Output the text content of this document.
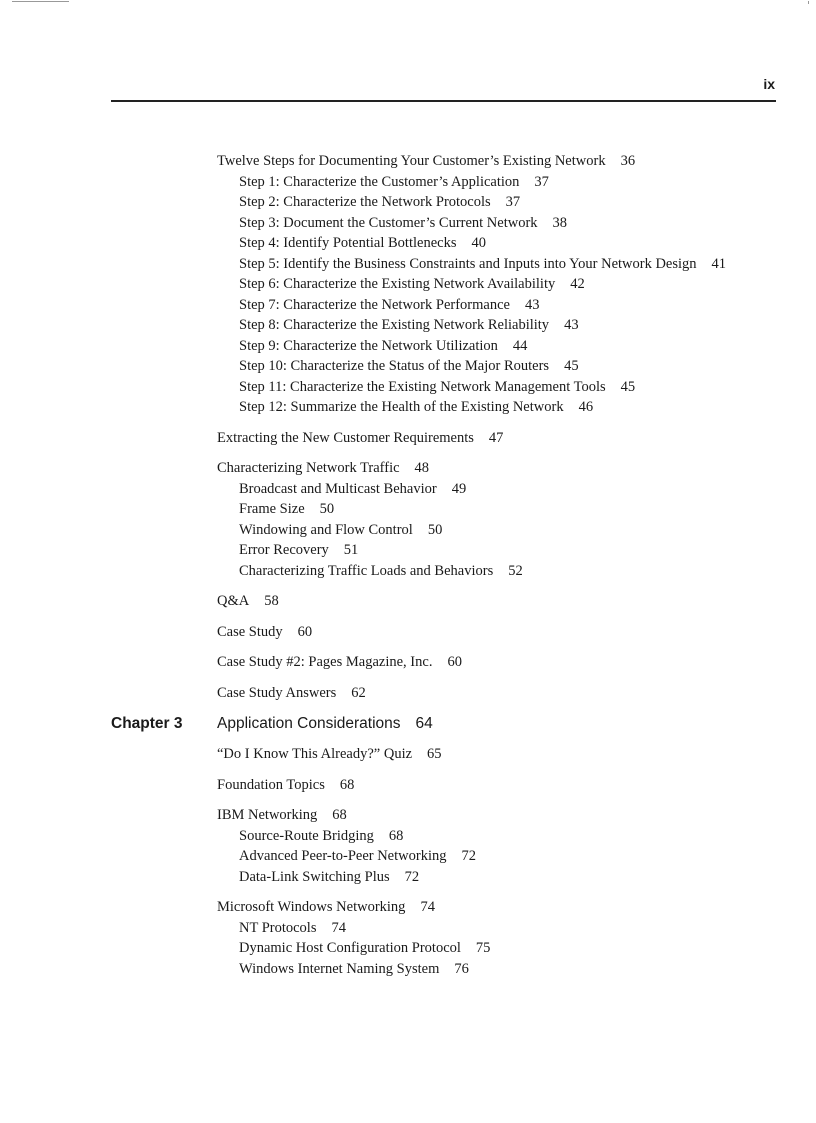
ix
Twelve Steps for Documenting Your Customer’s Existing Network 36
Step 1: Characterize the Customer’s Application 37
Step 2: Characterize the Network Protocols 37
Step 3: Document the Customer’s Current Network 38
Step 4: Identify Potential Bottlenecks 40
Step 5: Identify the Business Constraints and Inputs into Your Network Design 41
Step 6: Characterize the Existing Network Availability 42
Step 7: Characterize the Network Performance 43
Step 8: Characterize the Existing Network Reliability 43
Step 9: Characterize the Network Utilization 44
Step 10: Characterize the Status of the Major Routers 45
Step 11: Characterize the Existing Network Management Tools 45
Step 12: Summarize the Health of the Existing Network 46
Extracting the New Customer Requirements 47
Characterizing Network Traffic 48
Broadcast and Multicast Behavior 49
Frame Size 50
Windowing and Flow Control 50
Error Recovery 51
Characterizing Traffic Loads and Behaviors 52
Q&A 58
Case Study 60
Case Study #2: Pages Magazine, Inc. 60
Case Study Answers 62
Chapter 3 Application Considerations 64
“Do I Know This Already?” Quiz 65
Foundation Topics 68
IBM Networking 68
Source-Route Bridging 68
Advanced Peer-to-Peer Networking 72
Data-Link Switching Plus 72
Microsoft Windows Networking 74
NT Protocols 74
Dynamic Host Configuration Protocol 75
Windows Internet Naming System 76
